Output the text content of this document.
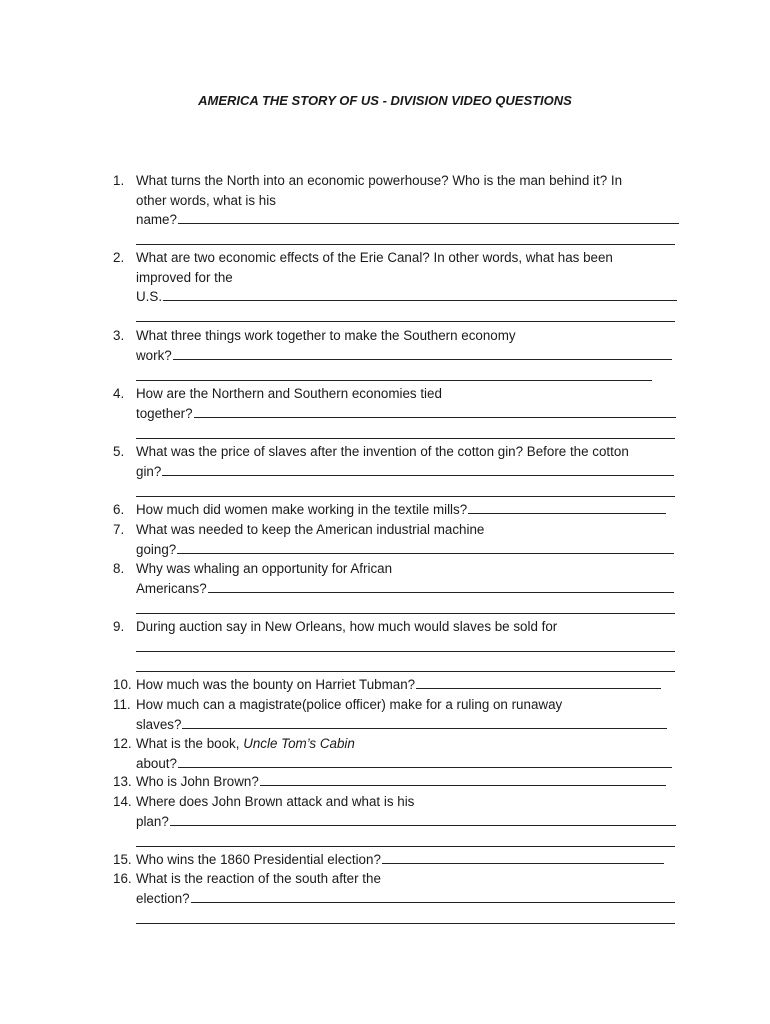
AMERICA THE STORY OF US - DIVISION VIDEO QUESTIONS
1. What turns the North into an economic powerhouse? Who is the man behind it? In
other words, what is his
name?
2. What are two economic effects of the Erie Canal? In other words, what has been
improved for the
U.S.
3. What three things work together to make the Southern economy
work?
4. How are the Northern and Southern economies tied
together?
5. What was the price of slaves after the invention of the cotton gin? Before the cotton
gin?
6. How much did women make working in the textile mills?
7. What was needed to keep the American industrial machine
going?
8. Why was whaling an opportunity for African
Americans?
9. During auction say in New Orleans, how much would slaves be sold for
10. How much was the bounty on Harriet Tubman?
11. How much can a magistrate(police officer) make for a ruling on runaway
slaves?
12. What is the book, Uncle Tom’s Cabin
about?
13. Who is John Brown?
14. Where does John Brown attack and what is his
plan?
15. Who wins the 1860 Presidential election?
16. What is the reaction of the south after the
election?
